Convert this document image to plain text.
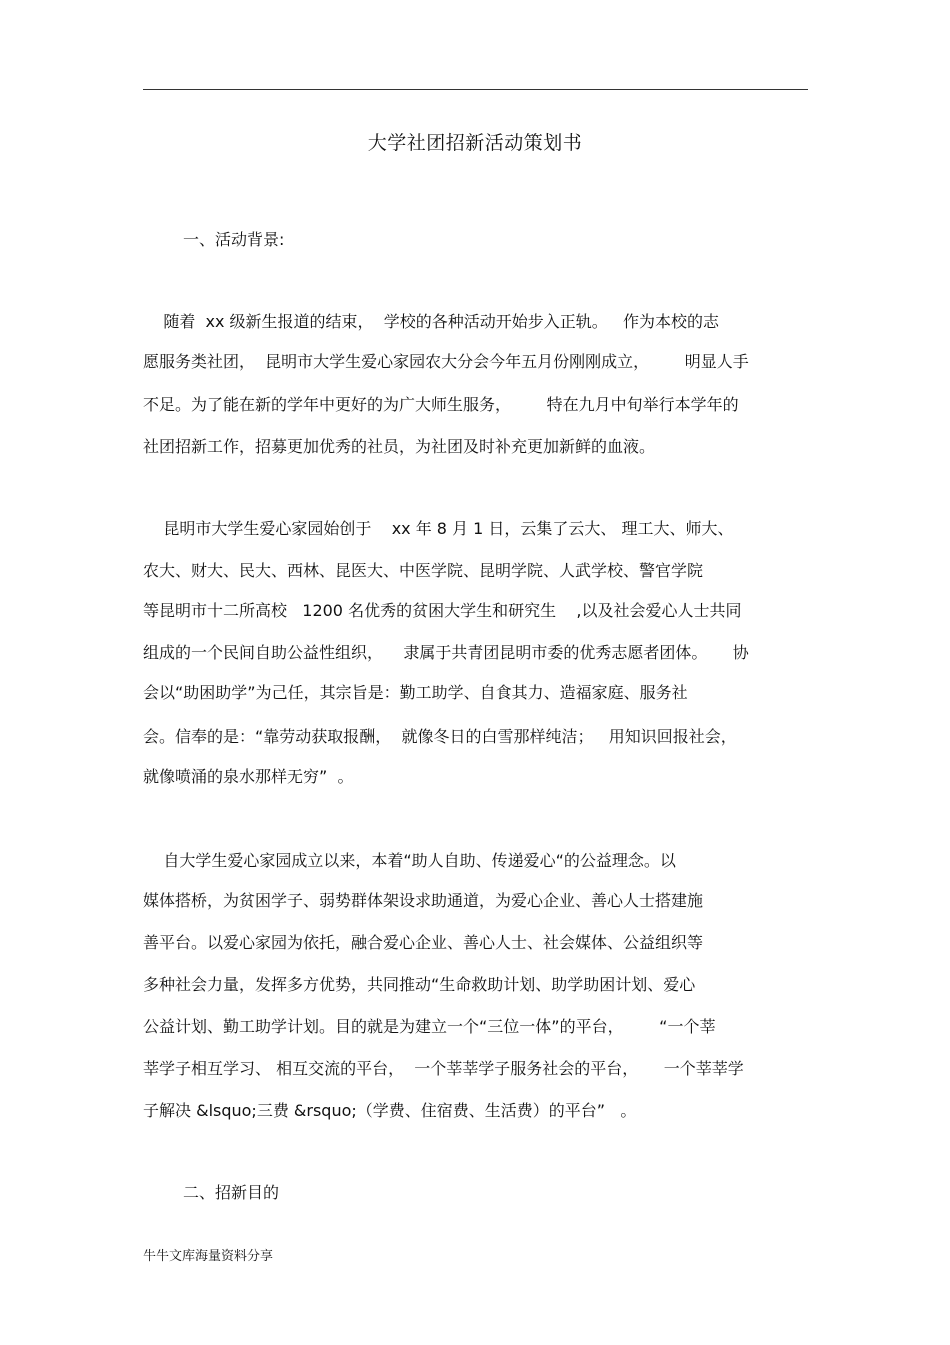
大学社团招新活动策划书
一、活动背景:
随着  xx 级新生报道的结束，  学校的各种活动开始步入正轨。   作为本校的志
愿服务类社团，  昆明市大学生爱心家园农大分会今年五月份刚刚成立，       明显人手
不足。为了能在新的学年中更好的为广大师生服务，       特在九月中旬举行本学年的
社团招新工作，招募更加优秀的社员，为社团及时补充更加新鲜的血液。
昆明市大学生爱心家园始创于    xx 年 8 月 1 日，云集了云大、 理工大、师大、
农大、财大、民大、西林、昆医大、中医学院、昆明学院、人武学校、警官学院
等昆明市十二所高校   1200 名优秀的贫困大学生和研究生    ,以及社会爱心人士共同
组成的一个民间自助公益性组织，    隶属于共青团昆明市委的优秀志愿者团体。     协
会以“助困助学”为己任，其宗旨是：勤工助学、自食其力、造福家庭、服务社
会。信奉的是：“靠劳动获取报酬，  就像冬日的白雪那样纯洁；   用知识回报社会，
就像喷涌的泉水那样无穷”  。
自大学生爱心家园成立以来，本着“助人自助、传递爱心“的公益理念。以
媒体搭桥，为贫困学子、弱势群体架设求助通道，为爱心企业、善心人士搭建施
善平台。以爱心家园为依托，融合爱心企业、善心人士、社会媒体、公益组织等
多种社会力量，发挥多方优势，共同推动“生命救助计划、助学助困计划、爱心
公益计划、勤工助学计划。目的就是为建立一个“三位一体”的平台，       “一个莘
莘学子相互学习、 相互交流的平台，  一个莘莘学子服务社会的平台，     一个莘莘学
子解决 &lsquo;三费 &rsquo;（学费、住宿费、生活费）的平台”   。
二、招新目的
牛牛文库海量资料分享
